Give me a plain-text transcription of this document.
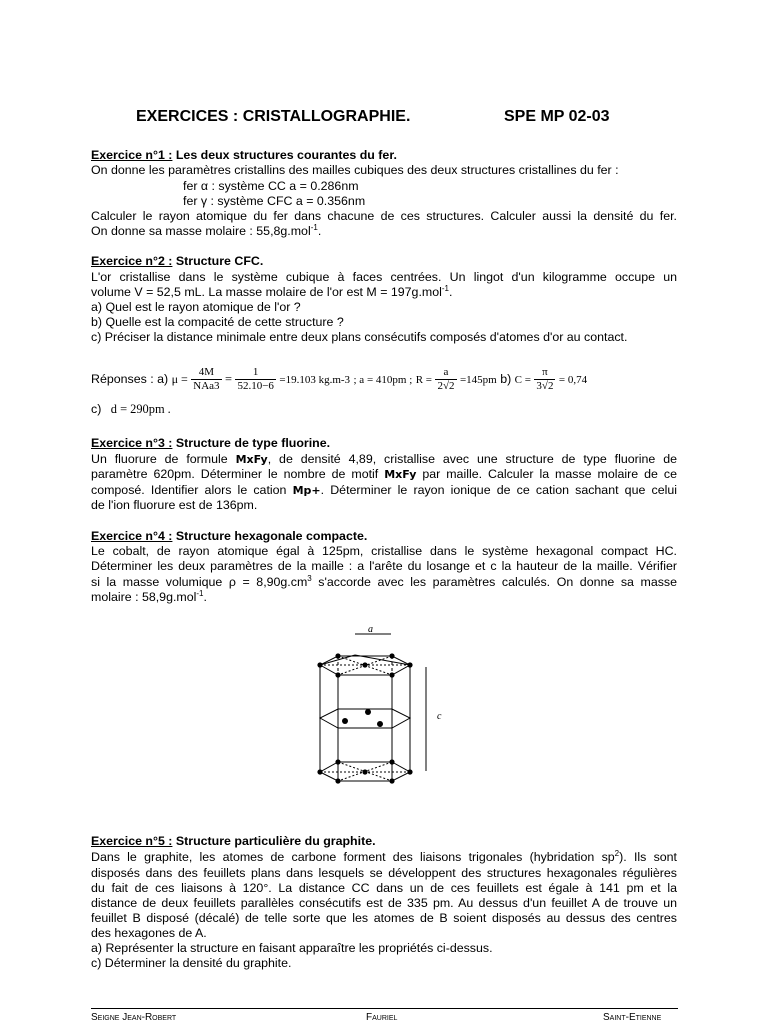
EXERCICES : CRISTALLOGRAPHIE.	SPE MP 02-03
Exercice n°1 : Les deux structures courantes du fer.
On donne les paramètres cristallins des mailles cubiques des deux structures cristallines du fer :
fer α : système CC a = 0.286nm
fer γ : système CFC a = 0.356nm
Calculer le rayon atomique du fer dans chacune de ces structures. Calculer aussi la densité du fer.
On donne sa masse molaire : 55,8g.mol$^{-1}$.
Exercice n°2 : Structure CFC.
L'or cristallise dans le système cubique à faces centrées. Un lingot d'un kilogramme occupe un
volume V = 52,5 mL. La masse molaire de l'or est M = 197g.mol$^{-1}$.
a) Quel est le rayon atomique de l'or ?
b) Quelle est la compacité de cette structure ?
c) Préciser la distance minimale entre deux plans consécutifs composés d'atomes d'or au contact.
Réponses : a) $\mu = \frac{4M}{\text{NAa3}} = \frac{1}{52.10-6} =19.103$ kg.m-3 ; a = 410pm ; $R = \frac{a}{2√2} =145pm$ b) $C = \frac{\pi}{3√2} = 0,74$
c) d = 290pm .
Exercice n°3 : Structure de type fluorine.
Un fluorure de formule MxFy, de densité 4,89, cristallise avec une structure de type fluorine de
paramètre 620pm. Déterminer le nombre de motif MxFy par maille. Calculer la masse molaire de ce
composé. Identifier alors le cation Mp+. Déterminer le rayon ionique de ce cation sachant que celui
de l'ion fluorure est de 136pm.
Exercice n°4 : Structure hexagonale compacte.
Le cobalt, de rayon atomique égal à 125pm, cristallise dans le système hexagonal compact HC.
Déterminer les deux paramètres de la maille : a l'arête du losange et c la hauteur de la maille. Vérifier
si la masse volumique $\rho = 8,90g.cm^3$ s'accorde avec les paramètres calculés. On donne sa masse
molaire : 58,9g.mol$^{-1}$.
a
c
Exercice n°5 : Structure particulière du graphite.
Dans le graphite, les atomes de carbone forment des liaisons trigonales (hybridation $sp^2$). Ils sont
disposés dans des feuillets plans dans lesquels se développent des structures hexagonales régulières
du fait de ces liaisons à 120°. La distance CC dans un de ces feuillets est égale à 141 pm et la
distance de deux feuillets parallèles consécutifs est de 335 pm. Au dessus d'un feuillet A de trouve un
feuillet B disposé (décalé) de telle sorte que les atomes de B soient disposés au dessus des centres
des hexagones de A.
a) Représenter la structure en faisant apparaître les propriétés ci-dessus.
c) Déterminer la densité du graphite.
Seigne Jean-Robert	Fauriel	Saint-Etienne
